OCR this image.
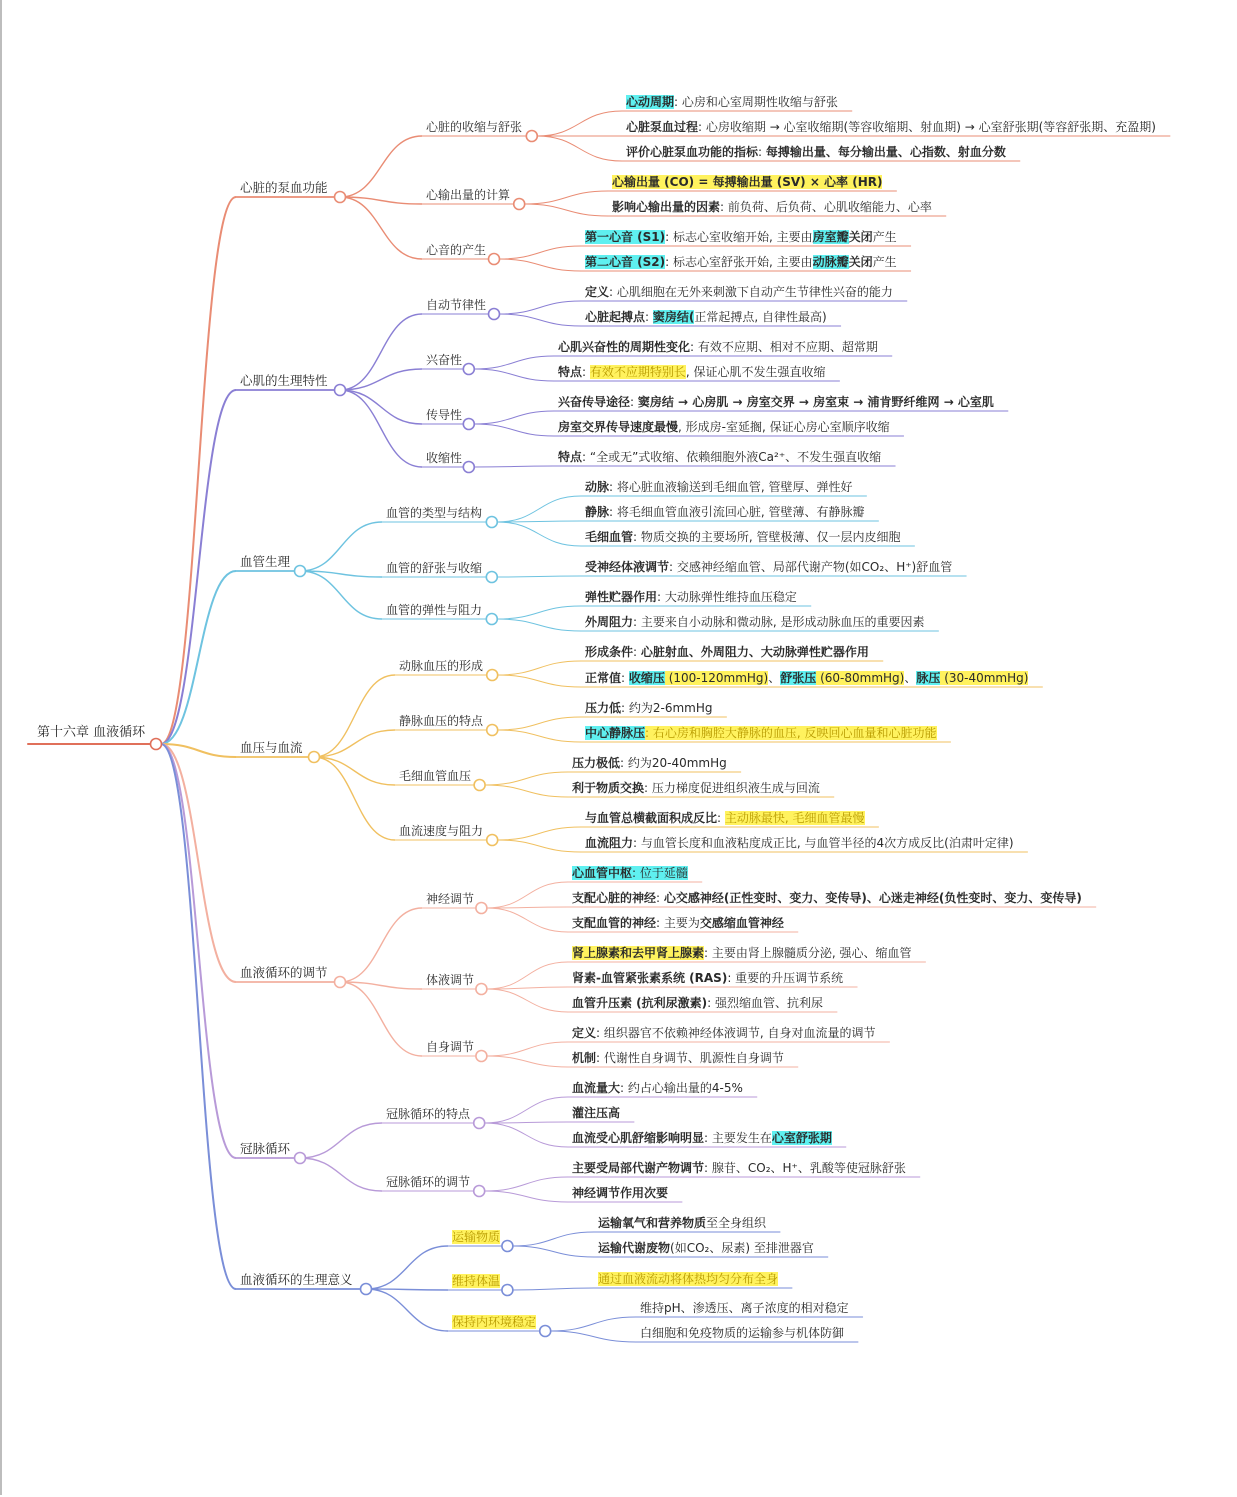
第十六章 血液循环
心脏的泵血功能
心脏的收缩与舒张
心动周期: 心房和心室周期性收缩与舒张
心脏泵血过程: 心房收缩期 → 心室收缩期(等容收缩期、射血期) → 心室舒张期(等容舒张期、充盈期)
评价心脏泵血功能的指标: 每搏输出量、每分输出量、心指数、射血分数
心输出量的计算
心输出量 (CO) = 每搏输出量 (SV) × 心率 (HR)
影响心输出量的因素: 前负荷、后负荷、心肌收缩能力、心率
心音的产生
第一心音 (S1): 标志心室收缩开始, 主要由房室瓣关闭产生
第二心音 (S2): 标志心室舒张开始, 主要由动脉瓣关闭产生
心肌的生理特性
自动节律性
定义: 心肌细胞在无外来刺激下自动产生节律性兴奋的能力
心脏起搏点: 窦房结(正常起搏点, 自律性最高)
兴奋性
心肌兴奋性的周期性变化: 有效不应期、相对不应期、超常期
特点: 有效不应期特别长, 保证心肌不发生强直收缩
传导性
兴奋传导途径: 窦房结 → 心房肌 → 房室交界 → 房室束 → 浦肯野纤维网 → 心室肌
房室交界传导速度最慢, 形成房-室延搁, 保证心房心室顺序收缩
收缩性	特点: “全或无”式收缩、依赖细胞外液Ca²⁺、不发生强直收缩
血管生理
血管的类型与结构
动脉: 将心脏血液输送到毛细血管, 管壁厚、弹性好
静脉: 将毛细血管血液引流回心脏, 管壁薄、有静脉瓣
毛细血管: 物质交换的主要场所, 管壁极薄、仅一层内皮细胞
血管的舒张与收缩	受神经体液调节: 交感神经缩血管、局部代谢产物(如CO₂、H⁺)舒血管
血管的弹性与阻力
弹性贮器作用: 大动脉弹性维持血压稳定
外周阻力: 主要来自小动脉和微动脉, 是形成动脉血压的重要因素
血压与血流
动脉血压的形成
形成条件: 心脏射血、外周阻力、大动脉弹性贮器作用
正常值: 收缩压 (100-120mmHg)、舒张压 (60-80mmHg)、脉压 (30-40mmHg)
静脉血压的特点
压力低: 约为2-6mmHg
中心静脉压: 右心房和胸腔大静脉的血压, 反映回心血量和心脏功能
毛细血管血压
压力极低: 约为20-40mmHg
利于物质交换: 压力梯度促进组织液生成与回流
血流速度与阻力
与血管总横截面积成反比: 主动脉最快, 毛细血管最慢
血流阻力: 与血管长度和血液粘度成正比, 与血管半径的4次方成反比(泊肃叶定律)
血液循环的调节
神经调节
心血管中枢: 位于延髓
支配心脏的神经: 心交感神经(正性变时、变力、变传导)、心迷走神经(负性变时、变力、变传导)
支配血管的神经: 主要为交感缩血管神经
体液调节
肾上腺素和去甲肾上腺素: 主要由肾上腺髓质分泌, 强心、缩血管
肾素-血管紧张素系统 (RAS): 重要的升压调节系统
血管升压素 (抗利尿激素): 强烈缩血管、抗利尿
自身调节
定义: 组织器官不依赖神经体液调节, 自身对血流量的调节
机制: 代谢性自身调节、肌源性自身调节
冠脉循环
冠脉循环的特点
血流量大: 约占心输出量的4-5%
灌注压高
血流受心肌舒缩影响明显: 主要发生在心室舒张期
冠脉循环的调节
主要受局部代谢产物调节: 腺苷、CO₂、H⁺、乳酸等使冠脉舒张
神经调节作用次要
血液循环的生理意义
运输物质
运输氧气和营养物质至全身组织
运输代谢废物(如CO₂、尿素) 至排泄器官
维持体温	通过血液流动将体热均匀分布全身
保持内环境稳定
维持pH、渗透压、离子浓度的相对稳定
白细胞和免疫物质的运输参与机体防御
